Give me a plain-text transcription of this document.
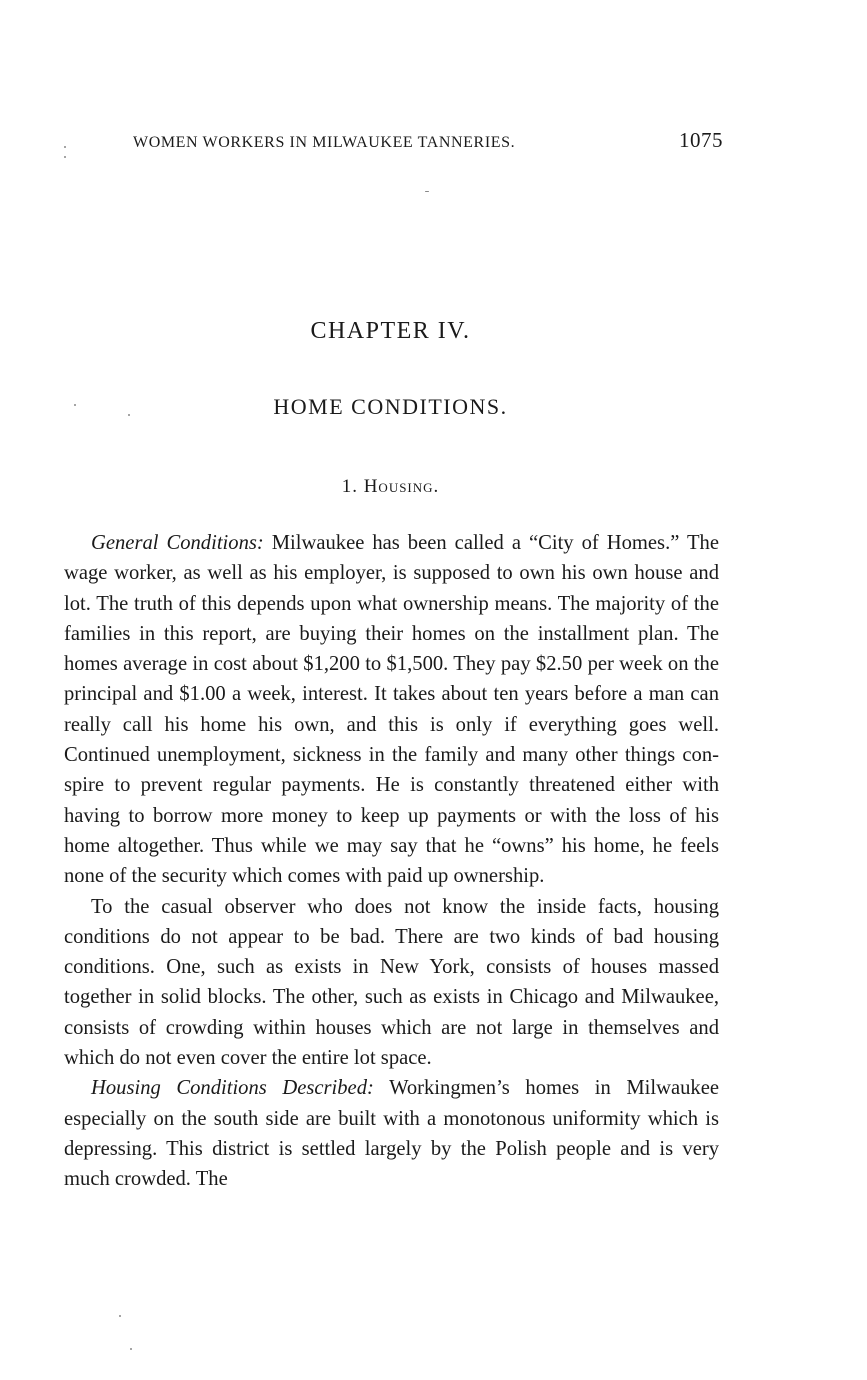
WOMEN WORKERS IN MILWAUKEE TANNERIES.	1075
CHAPTER IV.
HOME CONDITIONS.
1. Housing.

General Conditions: Milwaukee has been called a “City of Homes.” The wage worker, as well as his employer, is supposed to own his own house and lot. The truth of this depends upon what ownership means. The majority of the families in this report, are buying their homes on the installment plan. The homes average in cost about $1,200 to $1,500. They pay $2.50 per week on the principal and $1.00 a week, interest. It takes about ten years before a man can really call his home his own, and this is only if everything goes well. Continued unemployment, sickness in the family and many other things conspire to prevent regular payments. He is constantly threatened either with having to borrow more money to keep up payments or with the loss of his home altogether. Thus while we may say that he “owns” his home, he feels none of the security which comes with paid up ownership.

To the casual observer who does not know the inside facts, housing conditions do not appear to be bad. There are two kinds of bad housing conditions. One, such as exists in New York, consists of houses massed together in solid blocks. The other, such as exists in Chicago and Milwaukee, consists of crowding within houses which are not large in themselves and which do not even cover the entire lot space.

Housing Conditions Described: Workingmen’s homes in Milwaukee especially on the south side are built with a monotonous uniformity which is depressing. This district is settled largely by the Polish people and is very much crowded. The
